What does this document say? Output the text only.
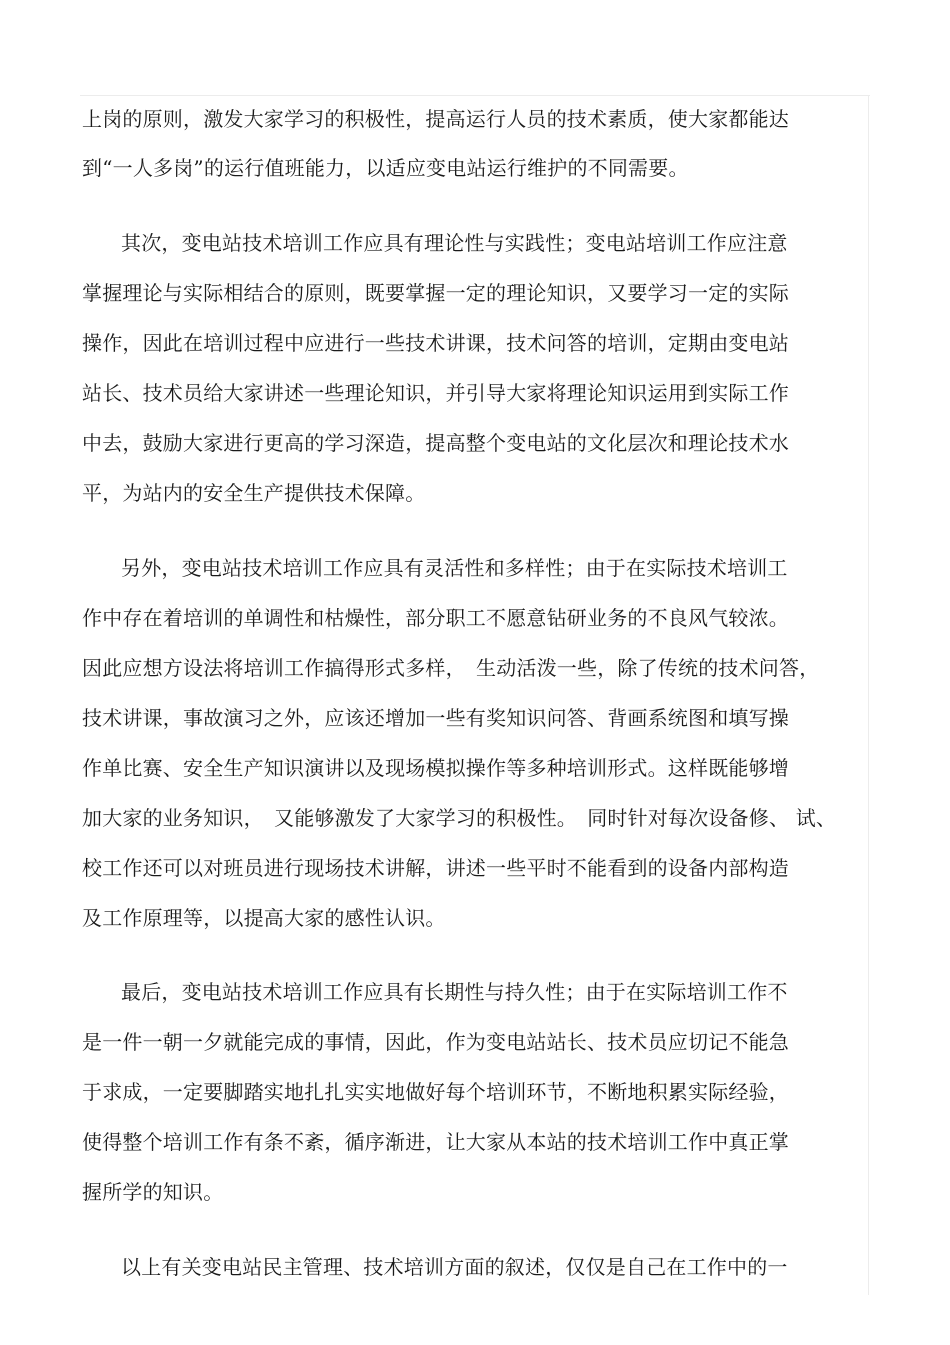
上岗的原则，激发大家学习的积极性，提高运行人员的技术素质，使大家都能达
到“一人多岗”的运行值班能力，以适应变电站运行维护的不同需要。
其次，变电站技术培训工作应具有理论性与实践性；变电站培训工作应注意
掌握理论与实际相结合的原则，既要掌握一定的理论知识，又要学习一定的实际
操作，因此在培训过程中应进行一些技术讲课，技术问答的培训，定期由变电站
站长、技术员给大家讲述一些理论知识，并引导大家将理论知识运用到实际工作
中去，鼓励大家进行更高的学习深造，提高整个变电站的文化层次和理论技术水
平，为站内的安全生产提供技术保障。
另外，变电站技术培训工作应具有灵活性和多样性；由于在实际技术培训工
作中存在着培训的单调性和枯燥性，部分职工不愿意钻研业务的不良风气较浓。
因此应想方设法将培训工作搞得形式多样，　生动活泼一些，除了传统的技术问答，
技术讲课，事故演习之外，应该还增加一些有奖知识问答、背画系统图和填写操
作单比赛、安全生产知识演讲以及现场模拟操作等多种培训形式。这样既能够增
加大家的业务知识，　又能够激发了大家学习的积极性。　同时针对每次设备修、 试、
校工作还可以对班员进行现场技术讲解，讲述一些平时不能看到的设备内部构造
及工作原理等，以提高大家的感性认识。
最后，变电站技术培训工作应具有长期性与持久性；由于在实际培训工作不
是一件一朝一夕就能完成的事情，因此，作为变电站站长、技术员应切记不能急
于求成，一定要脚踏实地扎扎实实地做好每个培训环节，不断地积累实际经验，
使得整个培训工作有条不紊，循序渐进，让大家从本站的技术培训工作中真正掌
握所学的知识。
以上有关变电站民主管理、技术培训方面的叙述，仅仅是自己在工作中的一
